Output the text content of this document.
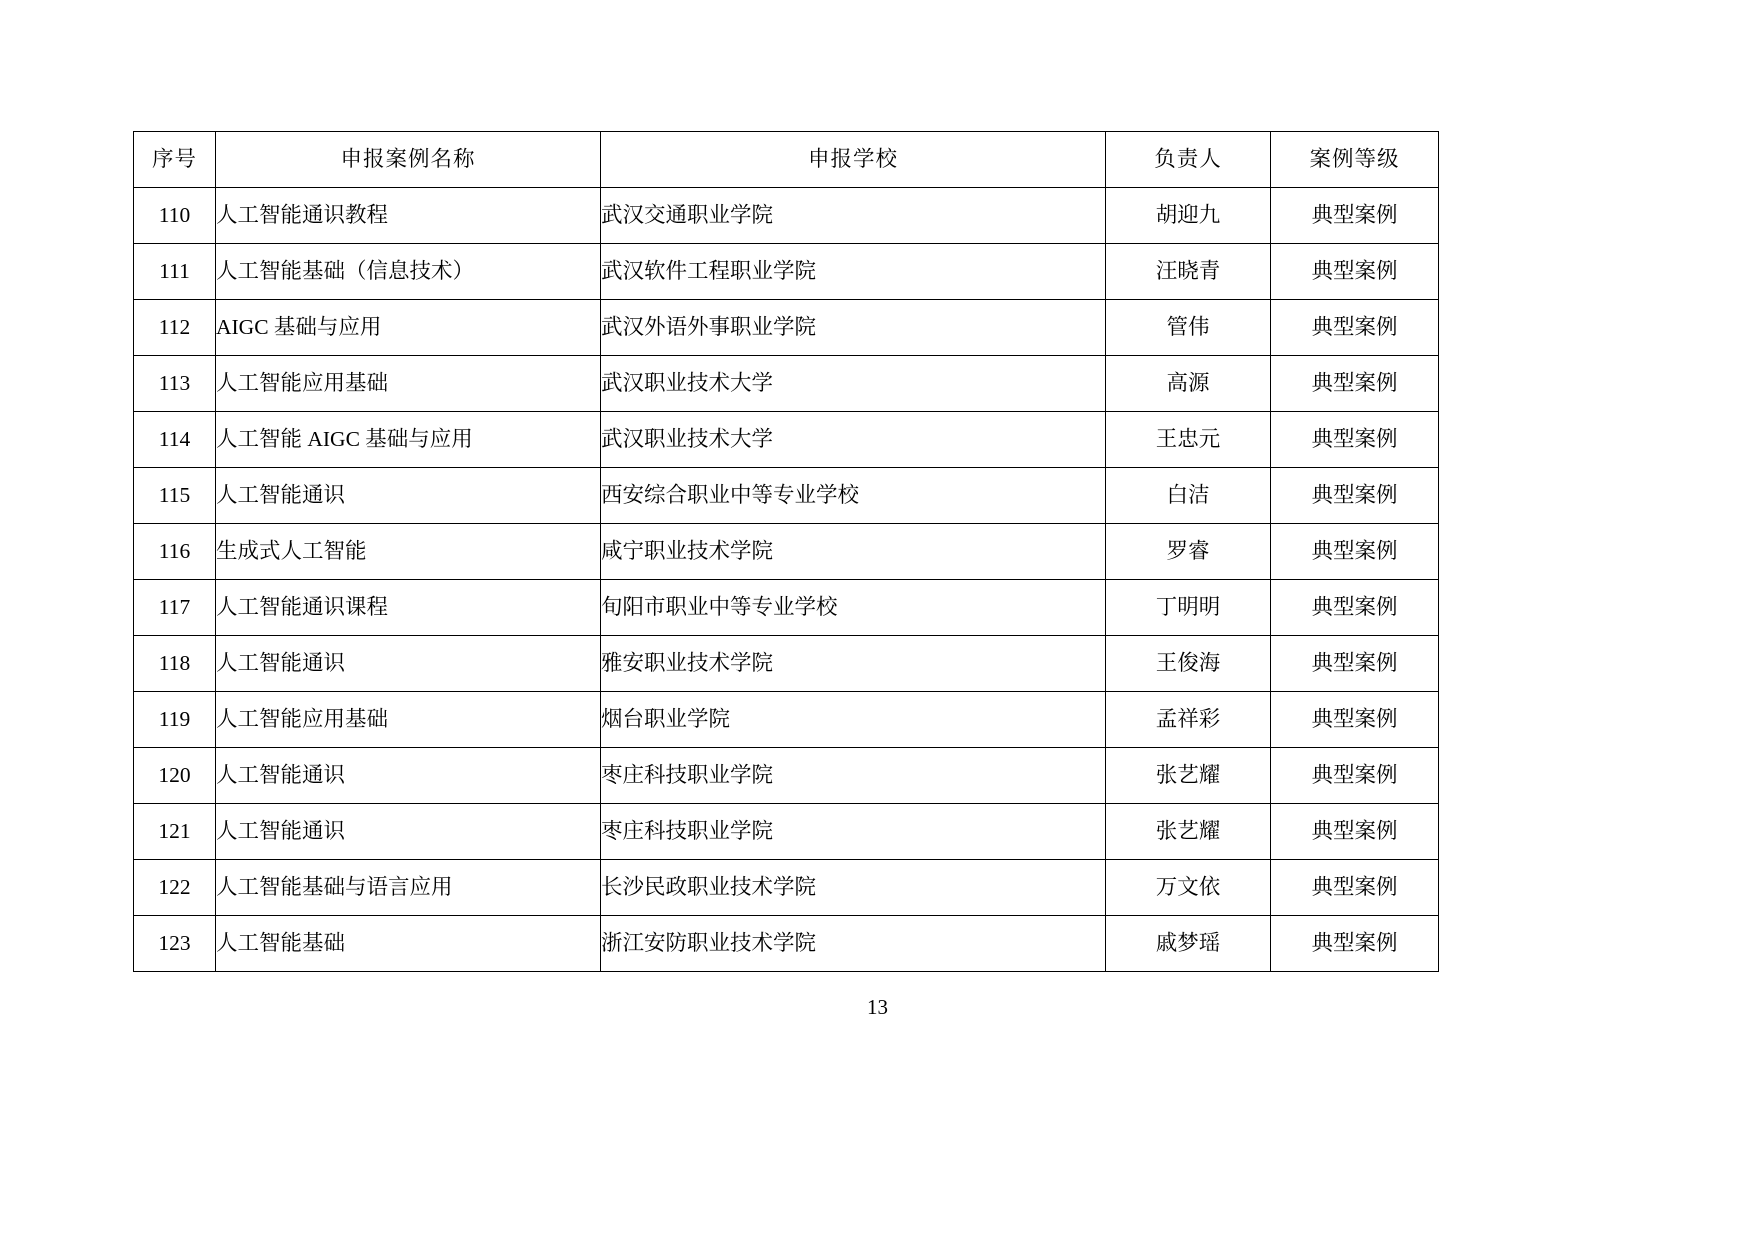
序号	申报案例名称	申报学校	负责人	案例等级
110	人工智能通识教程	武汉交通职业学院	胡迎九	典型案例
111	人工智能基础（信息技术）	武汉软件工程职业学院	汪晓青	典型案例
112	AIGC 基础与应用	武汉外语外事职业学院	管伟	典型案例
113	人工智能应用基础	武汉职业技术大学	高源	典型案例
114	人工智能 AIGC 基础与应用	武汉职业技术大学	王忠元	典型案例
115	人工智能通识	西安综合职业中等专业学校	白洁	典型案例
116	生成式人工智能	咸宁职业技术学院	罗睿	典型案例
117	人工智能通识课程	旬阳市职业中等专业学校	丁明明	典型案例
118	人工智能通识	雅安职业技术学院	王俊海	典型案例
119	人工智能应用基础	烟台职业学院	孟祥彩	典型案例
120	人工智能通识	枣庄科技职业学院	张艺耀	典型案例
121	人工智能通识	枣庄科技职业学院	张艺耀	典型案例
122	人工智能基础与语言应用	长沙民政职业技术学院	万文依	典型案例
123	人工智能基础	浙江安防职业技术学院	戚梦瑶	典型案例
13
